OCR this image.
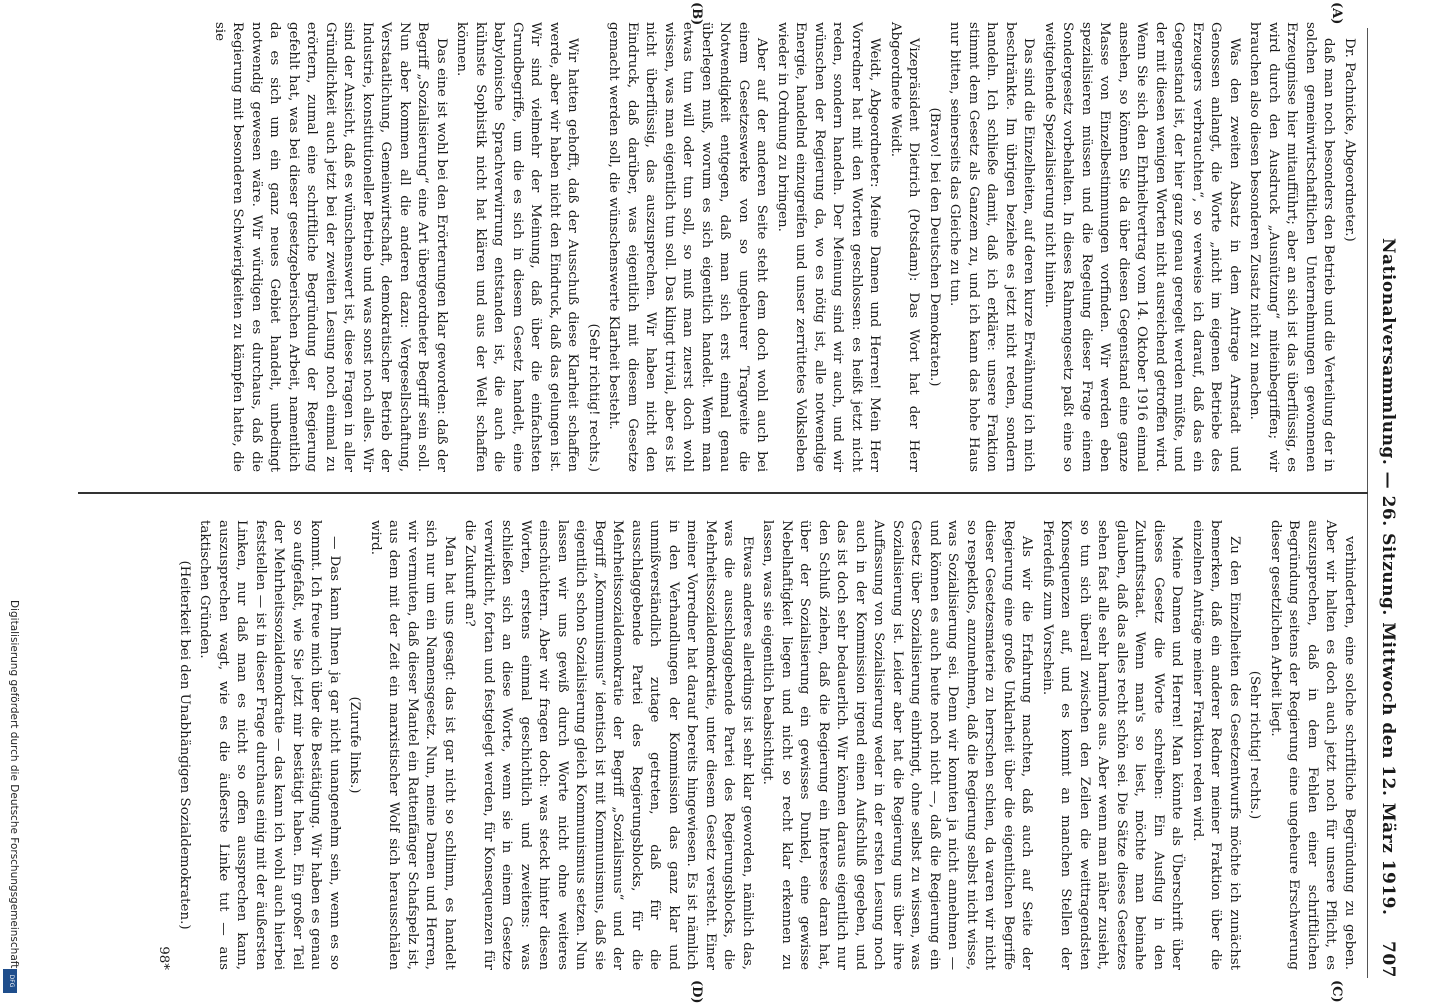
Nationalversammlung. — 26. Sitzung. Mittwoch den 12. März 1919.
707
(A)
(B)
(C)
(D)

Dr. Pachnicke, Abgeordneter.)

daß man noch besonders den Betrieb und die Verteilung der in solchen gemeinwirtschaftlichen Unternehmungen gewonnenen Erzeugnisse hier mitaufführt; aber an sich ist das überflüssig, es wird durch den Ausdruck „Ausnützung“ miteinbegriffen; wir brauchen also diesen besonderen Zusatz nicht zu machen.

Was den zweiten Absatz in dem Antrage Arnstadt und Genossen anlangt, die Worte „nicht im eigenen Betriebe des Erzeugers verbrauchten“, so verweise ich darauf, daß das ein Gegenstand ist, der hier ganz genau geregelt werden müßte, und der mit diesen wenigen Worten nicht ausreichend getroffen wird. Wenn Sie sich den Ehrhieltvertrag vom 14. Oktober 1916 einmal ansehen, so können Sie da über diesen Gegenstand eine ganze Masse von Einzelbestimmungen vorfinden. Wir werden eben spezialisieren müssen und die Regelung dieser Frage einem Sondergesetz vorbehalten. In dieses Rahmengesetz paßt eine so weitgehende Spezialisierung nicht hinein.

Das sind die Einzelheiten, auf deren kurze Erwähnung ich mich beschränkte. Im übrigen beziehe es jetzt nicht reden, sondern handeln. Ich schließe damit, daß ich erkläre: unsere Fraktion stimmt dem Gesetz als Ganzem zu, und ich kann das hohe Haus nur bitten, seinerseits das Gleiche zu tun.

(Bravo! bei den Deutschen Demokraten.)

Vizepräsident Dietrich (Potsdam): Das Wort hat der Herr Abgeordnete Weidt.

Weidt, Abgeordneter: Meine Damen und Herren! Mein Herr Vorredner hat mit den Worten geschlossen: es heißt jetzt nicht reden, sondern handeln. Der Meinung sind wir auch, und wir wünschen der Regierung da, wo es nötig ist, alle notwendige Energie, handelnd einzugreifen und unser zerrüttetes Volksleben wieder in Ordnung zu bringen.

Aber auf der anderen Seite steht dem doch wohl auch bei einem Gesetzeswerke von so ungeheurer Tragweite die Notwendigkeit entgegen, daß man sich erst einmal genau überlegen muß, worum es sich eigentlich handelt. Wenn man etwas tun will oder tun soll, so muß man zuerst doch wohl wissen, was man eigentlich tun soll. Das klingt trivial, aber es ist nicht überflüssig, das auszusprechen. Wir haben nicht den Eindruck, daß darüber, was eigentlich mit diesem Gesetze gemacht werden soll, die wünschenswerte Klarheit besteht.

(Sehr richtig! rechts.)

Wir hatten gehofft, daß der Ausschuß diese Klarheit schaffen werde, aber wir haben nicht den Eindruck, daß das gelungen ist. Wir sind vielmehr der Meinung, daß über die einfachsten Grundbegriffe, um die es sich in diesem Gesetz handelt, eine babylonische Sprachverwirrung entstanden ist, die auch die kühnste Sophistik nicht hat klären und aus der Welt schaffen können.

Das eine ist wohl bei den Erörterungen klar geworden: daß der Begriff „Sozialisierung“ eine Art übergeordneter Begriff sein soll. Nun aber kommen all die anderen dazu: Vergesellschaftung, Verstaatlichung, Gemeinwirtschaft, demokratischer Betrieb der Industrie, konstitutioneller Betrieb und was sonst noch alles. Wir sind der Ansicht, daß es wünschenswert ist, diese Fragen in aller Gründlichkeit auch jetzt bei der zweiten Lesung noch einmal zu erörtern, zumal eine schriftliche Begründung der Regierung gefehlt hat, was bei dieser gesetzgeberischen Arbeit, namentlich da es sich um ein ganz neues Gebiet handelt, unbedingt notwendig gewesen wäre. Wir würdigen es durchaus, daß die Regierung mit besonderen Schwierigkeiten zu kämpfen hatte, die sie

verhinderten, eine solche schriftliche Begründung zu geben. Aber wir halten es doch auch jetzt noch für unsere Pflicht, es auszusprechen, daß in dem Fehlen einer schriftlichen Begründung seitens der Regierung eine ungeheure Erschwerung dieser gesetzlichen Arbeit liegt.

(Sehr richtig! rechts.)

Zu den Einzelheiten des Gesetzentwurfs möchte ich zunächst bemerken, daß ein anderer Redner meiner Fraktion über die einzelnen Anträge meiner Fraktion reden wird.

Meine Damen und Herren! Man könnte als Überschrift über dieses Gesetz die Worte schreiben: Ein Ausflug in den Zukunftsstaat. Wenn man's so liest, möchte man beinahe glauben, daß das alles recht schön sei. Die Sätze dieses Gesetzes sehen fast alle sehr harmlos aus. Aber wenn man näher zusieht, so tun sich überall zwischen den Zeilen die weittragendsten Konsequenzen auf, und es kommt an manchen Stellen der Pferdefuß zum Vorschein.

Als wir die Erfahrung machten, daß auch auf Seite der Regierung eine große Unklarheit über die eigentlichen Begriffe dieser Gesetzesmaterie zu herrschen schien, da waren wir nicht so respektlos, anzunehmen, daß die Regierung selbst nicht wisse, was Sozialisierung sei. Denn wir konnten ja nicht annehmen — und können es auch heute noch nicht —, daß die Regierung ein Gesetz über Sozialisierung einbringt, ohne selbst zu wissen, was Sozialisierung ist. Leider aber hat die Regierung uns über ihre Auffassung von Sozialisierung weder in der ersten Lesung noch auch in der Kommission irgend einen Aufschluß gegeben, und das ist doch sehr bedauerlich. Wir können daraus eigentlich nur den Schluß ziehen, daß die Regierung ein Interesse daran hat, über der Sozialisierung ein gewisses Dunkel, eine gewisse Nebelhaftigkeit liegen und nicht so recht klar erkennen zu lassen, was sie eigentlich beabsichtigt.

Etwas anderes allerdings ist sehr klar geworden, nämlich das, was die ausschlaggebende Partei des Regierungsblocks, die Mehrheitssozialdemokratie, unter diesem Gesetz versteht. Einer meiner Vorredner hat darauf bereits hingewiesen. Es ist nämlich in den Verhandlungen der Kommission das ganz klar und unmißverständlich zutage getreten, daß für die ausschlaggebende Partei des Regierungsblocks, für die Mehrheitssozialdemokratie der Begriff „Sozialismus“ und der Begriff „Kommunismus“ identisch ist mit Kommunismus, daß sie eigentlich schon Sozialisierung gleich Kommunismus setzen. Nun lassen wir uns gewiß durch Worte nicht ohne weiteres einschüchtern. Aber wir fragen doch: was steckt hinter diesen Worten, erstens einmal geschichtlich und zweitens: was schließen sich an diese Worte, wenn sie in einem Gesetze verwirklicht, fortan und festgelegt werden, für Konsequenzen für die Zukunft an?

Man hat uns gesagt: das ist gar nicht so schlimm, es handelt sich nur um ein Namensgesetz. Nun, meine Damen und Herren, wir vermuten, daß dieser Mantel ein Rattenfänger Schafspelz ist, aus dem mit der Zeit ein marxistischer Wolf sich herausschälen wird.

(Zurufe links.)

— Das kann Ihnen ja gar nicht unangenehm sein, wenn es so kommt. Ich freue mich über die Bestätigung. Wir haben es genau so aufgefaßt, wie Sie jetzt mir bestätigt haben. Ein großer Teil der Mehrheitssozialdemokratie — das kann ich wohl auch hierbei feststellen — ist in dieser Frage durchaus einig mit der äußersten Linken, nur daß man es nicht so offen aussprechen kann, auszusprechen wagt, wie es die äußerste Linke tut — aus taktischen Gründen.

(Heiterkeit bei den Unabhängigen Sozialdemokraten.)

98*

Digitalisierung gefördert durch die Deutsche Forschungsgemeinschaft
DFG
